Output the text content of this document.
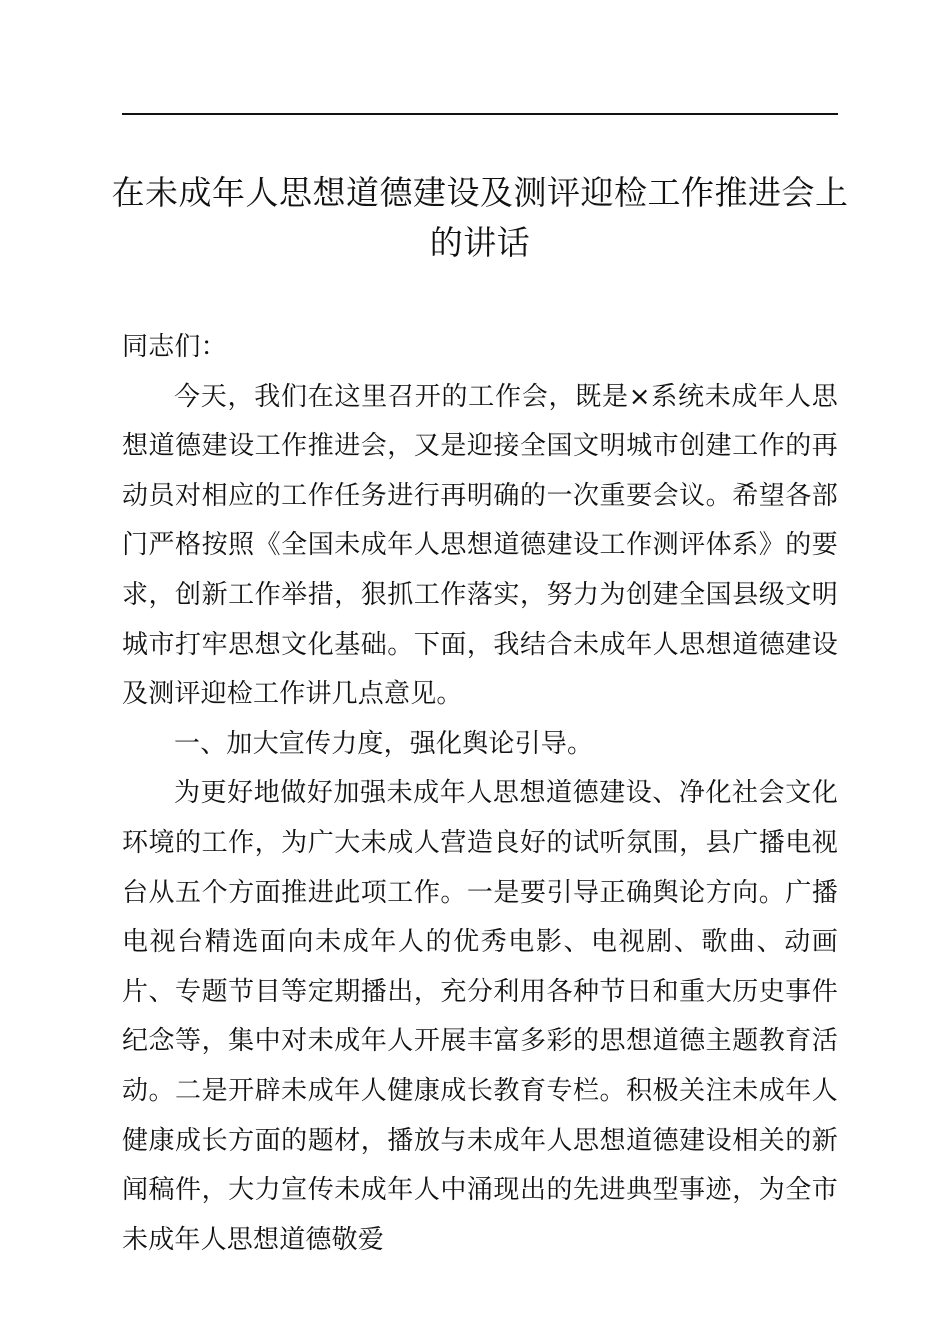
在未成年人思想道德建设及测评迎检工作推进会上的讲话

同志们：

今天，我们在这里召开的工作会，既是×系统未成年人思想道德建设工作推进会，又是迎接全国文明城市创建工作的再动员对相应的工作任务进行再明确的一次重要会议。希望各部门严格按照《全国未成年人思想道德建设工作测评体系》的要求，创新工作举措，狠抓工作落实，努力为创建全国县级文明城市打牢思想文化基础。下面，我结合未成年人思想道德建设及测评迎检工作讲几点意见。

一、加大宣传力度，强化舆论引导。

为更好地做好加强未成年人思想道德建设、净化社会文化环境的工作，为广大未成人营造良好的试听氛围，县广播电视台从五个方面推进此项工作。一是要引导正确舆论方向。广播电视台精选面向未成年人的优秀电影、电视剧、歌曲、动画片、专题节目等定期播出，充分利用各种节日和重大历史事件纪念等，集中对未成年人开展丰富多彩的思想道德主题教育活动。二是开辟未成年人健康成长教育专栏。积极关注未成年人健康成长方面的题材，播放与未成年人思想道德建设相关的新闻稿件，大力宣传未成年人中涌现出的先进典型事迹，为全市未成年人思想道德敬爱
